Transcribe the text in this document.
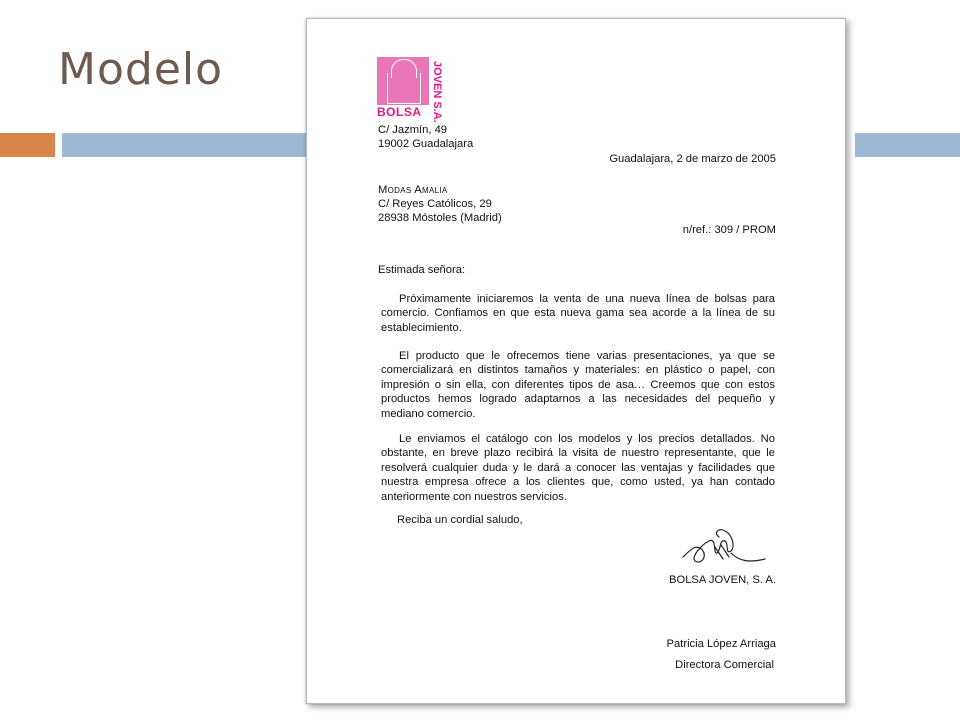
Modelo	JOVEN S.A.
BOLSA
C/ Jazmín, 49
19002 Guadalajara
Guadalajara, 2 de marzo de 2005
Modas Amalia
C/ Reyes Católicos, 29
28938 Móstoles (Madrid)
n/ref.: 309 / PROM
Estimada señora:

Próximamente iniciaremos la venta de una nueva línea de bolsas para comercio. Confiamos en que esta nueva gama sea acorde a la línea de su establecimiento.

El producto que le ofrecemos tiene varias presentaciones, ya que se comercializará en distintos tamaños y materiales: en plástico o papel, con impresión o sin ella, con diferentes tipos de asa… Creemos que con estos productos hemos logrado adaptarnos a las necesidades del pequeño y mediano comercio.

Le enviamos el catálogo con los modelos y los precios detallados. No obstante, en breve plazo recibirá la visita de nuestro representante, que le resolverá cualquier duda y le dará a conocer las ventajas y facilidades que nuestra empresa ofrece a los clientes que, como usted, ya han contado anteriormente con nuestros servicios.

Reciba un cordial saludo,
BOLSA JOVEN, S. A.
Patricia López Arriaga
Directora Comercial
